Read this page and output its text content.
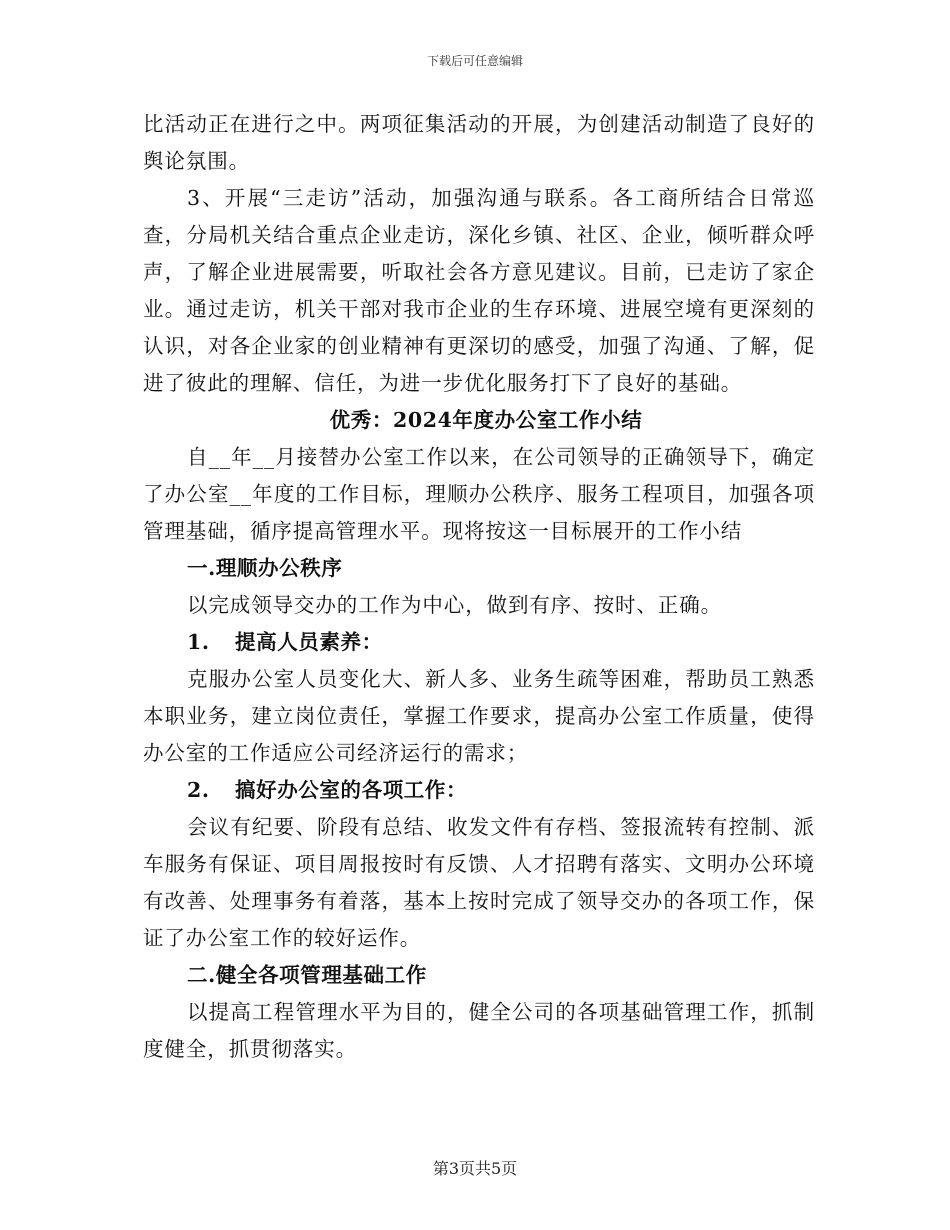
下载后可任意编辑

比活动正在进行之中。两项征集活动的开展，为创建活动制造了良好的舆论氛围。

3、开展“三走访”活动，加强沟通与联系。各工商所结合日常巡查，分局机关结合重点企业走访，深化乡镇、社区、企业，倾听群众呼声，了解企业进展需要，听取社会各方意见建议。目前，已走访了家企业。通过走访，机关干部对我市企业的生存环境、进展空境有更深刻的认识，对各企业家的创业精神有更深切的感受，加强了沟通、了解，促进了彼此的理解、信任，为进一步优化服务打下了良好的基础。

优秀：2024年度办公室工作小结

自__年__月接替办公室工作以来，在公司领导的正确领导下，确定了办公室__年度的工作目标，理顺办公秩序、服务工程项目，加强各项管理基础，循序提高管理水平。现将按这一目标展开的工作小结

一.理顺办公秩序

以完成领导交办的工作为中心，做到有序、按时、正确。

1. 提高人员素养：

克服办公室人员变化大、新人多、业务生疏等困难，帮助员工熟悉本职业务，建立岗位责任，掌握工作要求，提高办公室工作质量，使得办公室的工作适应公司经济运行的需求；

2. 搞好办公室的各项工作：

会议有纪要、阶段有总结、收发文件有存档、签报流转有控制、派车服务有保证、项目周报按时有反馈、人才招聘有落实、文明办公环境有改善、处理事务有着落，基本上按时完成了领导交办的各项工作，保证了办公室工作的较好运作。

二.健全各项管理基础工作

以提高工程管理水平为目的，健全公司的各项基础管理工作，抓制度健全，抓贯彻落实。

第3页共5页
